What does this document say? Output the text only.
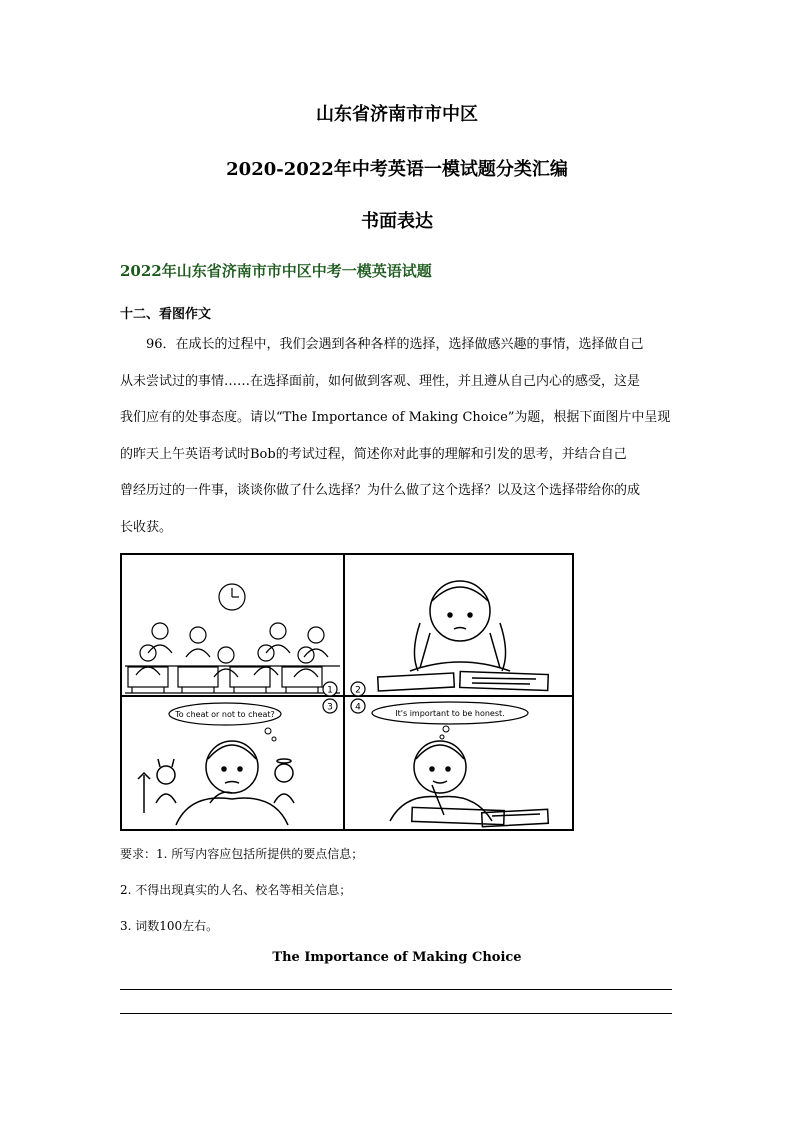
山东省济南市市中区
2020-2022年中考英语一模试题分类汇编
书面表达
2022年山东省济南市市中区中考一模英语试题
十二、看图作文
96．在成长的过程中，我们会遇到各种各样的选择，选择做感兴趣的事情，选择做自己
从未尝试过的事情……在选择面前，如何做到客观、理性，并且遵从自己内心的感受，这是
我们应有的处事态度。请以“The Importance of Making Choice”为题，根据下面图片中呈现
的昨天上午英语考试时Bob的考试过程，简述你对此事的理解和引发的思考，并结合自己
曾经历过的一件事，谈谈你做了什么选择？为什么做了这个选择？以及这个选择带给你的成
长收获。
1 2
3 4
To cheat or not to cheat?	It's important to be honest.
要求：1. 所写内容应包括所提供的要点信息；
2. 不得出现真实的人名、校名等相关信息；
3. 词数100左右。
The Importance of Making Choice
